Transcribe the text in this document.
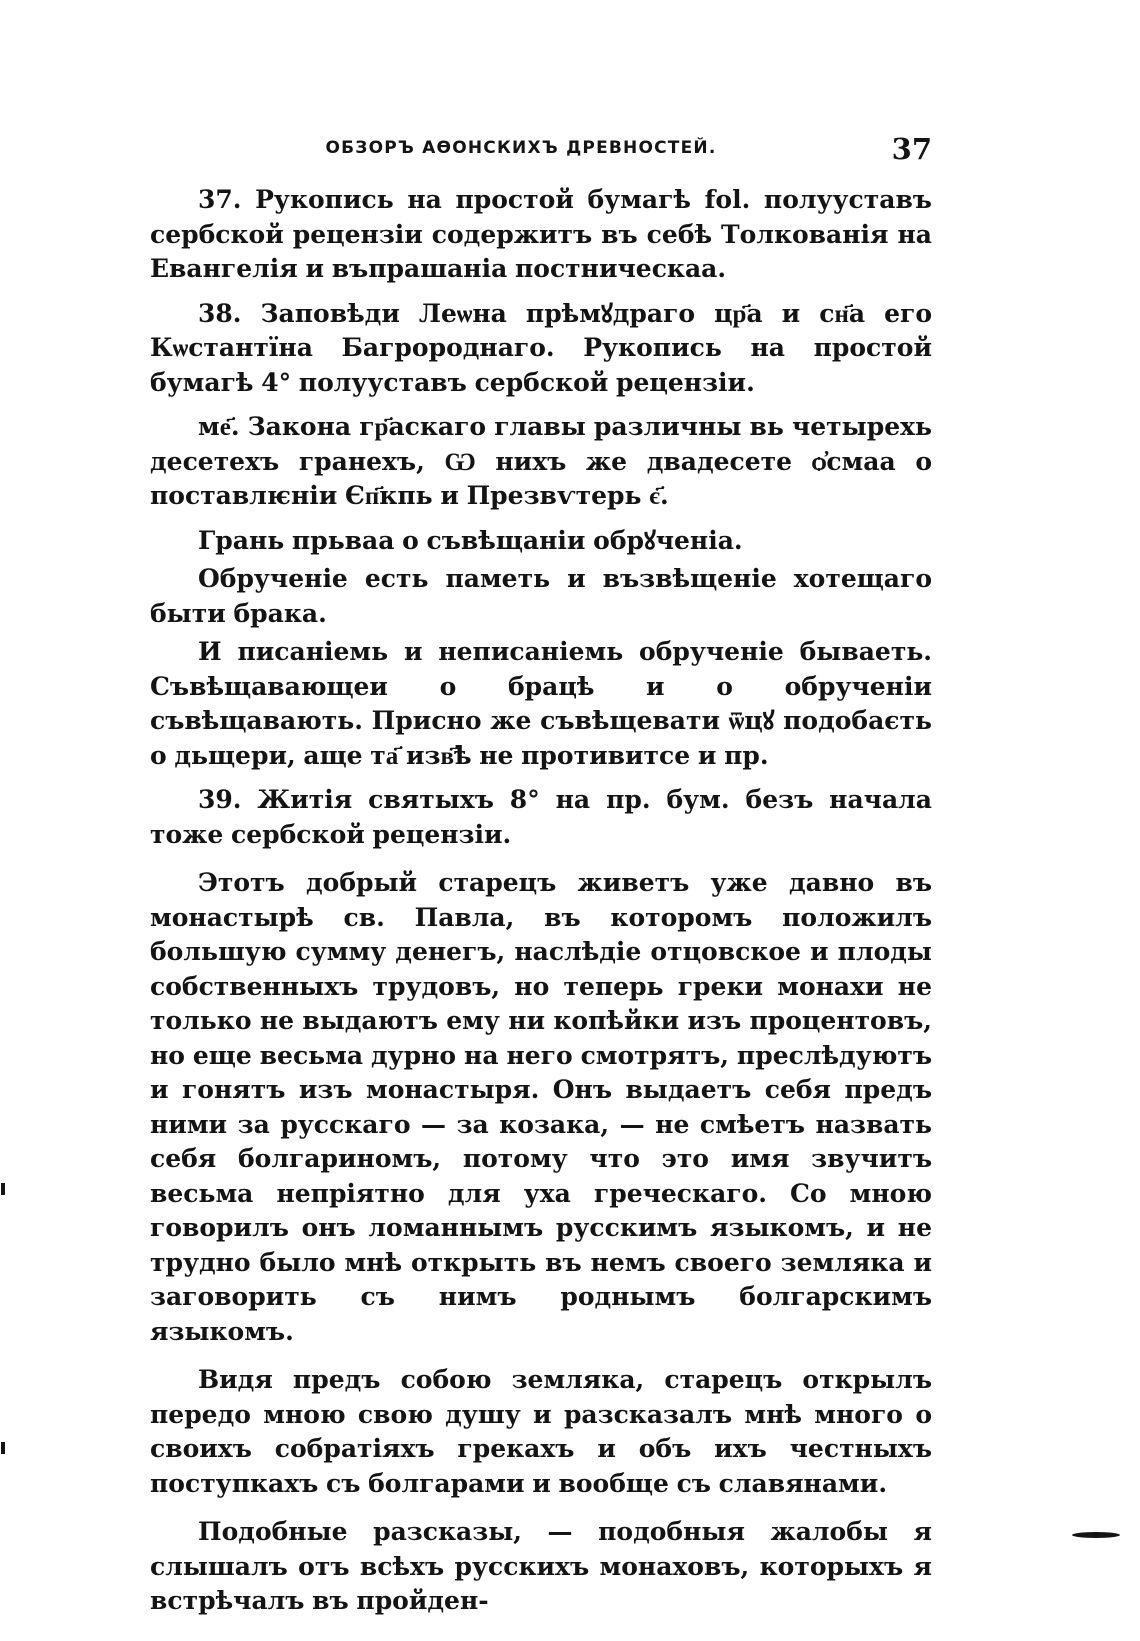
ОБЗОРЪ АѲОНСКИХЪ ДРЕВНОСТЕЙ.	37

37. Рукопись на простой бумагѣ fol. полууставъ сербской рецензіи содержитъ въ себѣ Толкованія на Евангелія и въпрашаніа постническаа.

38. Заповѣди Леѡна прѣмꙋдраго цр҃а и сн҃а его Кѡстантїна Багророднаго. Рукопись на простой бумагѣ 4° полууставъ сербской рецензіи.

ме҃. Закона гр҃аскаго главы различны вь четырехь десетехъ гранехъ, Ѡ нихъ же двадесете ѻ҆смаа о поставлѥніи Єп҃кпь и Презвѵтерь є҃.

Грань прьваа о съвѣщаніи обрꙋченіа.

Обрученіе есть паметь и възвѣщеніе хотещаго быти брака.

И писаніемь и неписаніемь обрученіе бываеть. Съвѣщавающеи о брацѣ и о обрученіи съвѣщавають. Присно же съвѣщевати ѿцꙋ подобаєть о дьщери, аще та҃ изв҃ѣ не противитсе и пр.

39. Житія святыхъ 8° на пр. бум. безъ начала тоже сербской рецензіи.

Этотъ добрый старецъ живетъ уже давно въ монастырѣ св. Павла, въ которомъ положилъ большую сумму денегъ, наслѣдіе отцовское и плоды собственныхъ трудовъ, но теперь греки монахи не только не выдаютъ ему ни копѣйки изъ процентовъ, но еще весьма дурно на него смотрятъ, преслѣдуютъ и гонятъ изъ монастыря. Онъ выдаетъ себя предъ ними за русскаго — за козака, — не смѣетъ назвать себя болгариномъ, потому что это имя звучитъ весьма непріятно для уха греческаго. Со мною говорилъ онъ ломаннымъ русскимъ языкомъ, и не трудно было мнѣ открыть въ немъ своего земляка и заговорить съ нимъ роднымъ болгарскимъ языкомъ.

Видя предъ собою земляка, старецъ открылъ передо мною свою душу и разсказалъ мнѣ много о своихъ собратіяхъ грекахъ и объ ихъ честныхъ поступкахъ съ болгарами и вообще съ славянами.

Подобные разсказы, — подобныя жалобы я слышалъ отъ всѣхъ русскихъ монаховъ, которыхъ я встрѣчалъ въ пройден-
